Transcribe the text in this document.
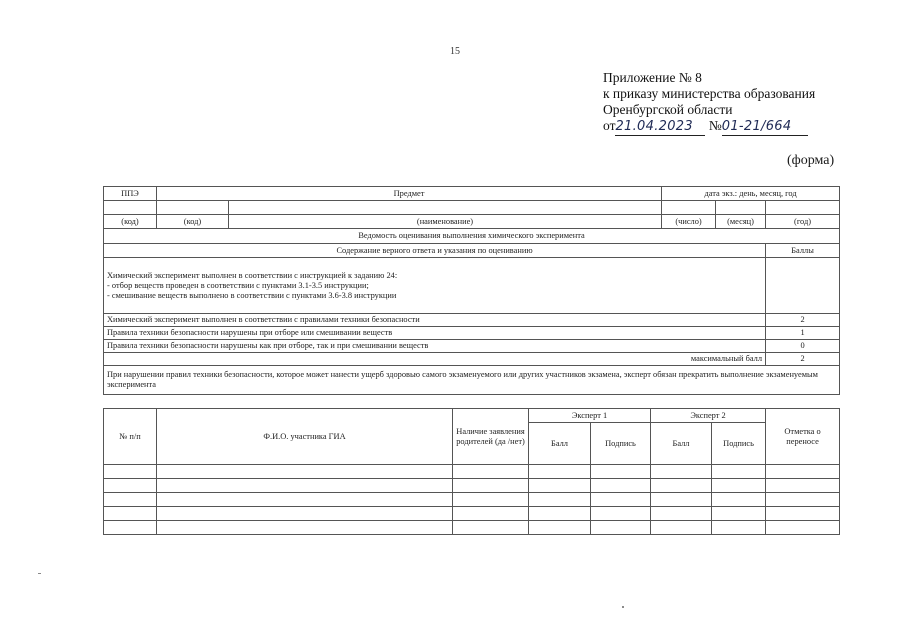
15
Приложение № 8
к приказу министерства образования
Оренбургской области
от21.04.2023 №01-21/664
(форма)
ППЭ	Предмет		дата экз.: день, месяц, год		

(код)	(код)	(наименование)	(число)	(месяц)	(год)
Ведомость оценивания выполнения химического эксперимента					
Содержание верного ответа и указания по оцениванию					Баллы

Химический эксперимент выполнен в соответствии с инструкцией к заданию 24:
- отбор веществ проведен в соответствии с пунктами 3.1-3.5 инструкции;
- смешивание веществ выполнено в соответствии с пунктами 3.6-3.8 инструкции					

Химический эксперимент выполнен в соответствии с правилами техники безопасности					2
Правила техники безопасности нарушены при отборе или смешивании веществ					1
Правила техники безопасности нарушены как при отборе, так и при смешивании веществ					0
максимальный балл					2
При нарушении правил техники безопасности, которое может нанести ущерб здоровью самого экзаменуемого или других участников экзамена, эксперт обязан прекратить выполнение экзаменуемым эксперимента					

№ п/п	Ф.И.О. участника ГИА	Наличие заявления родителей (да /нет)	Эксперт 1		Эксперт 2		Отметка о переносе
			Балл	Подпись	Балл	Подпись	
